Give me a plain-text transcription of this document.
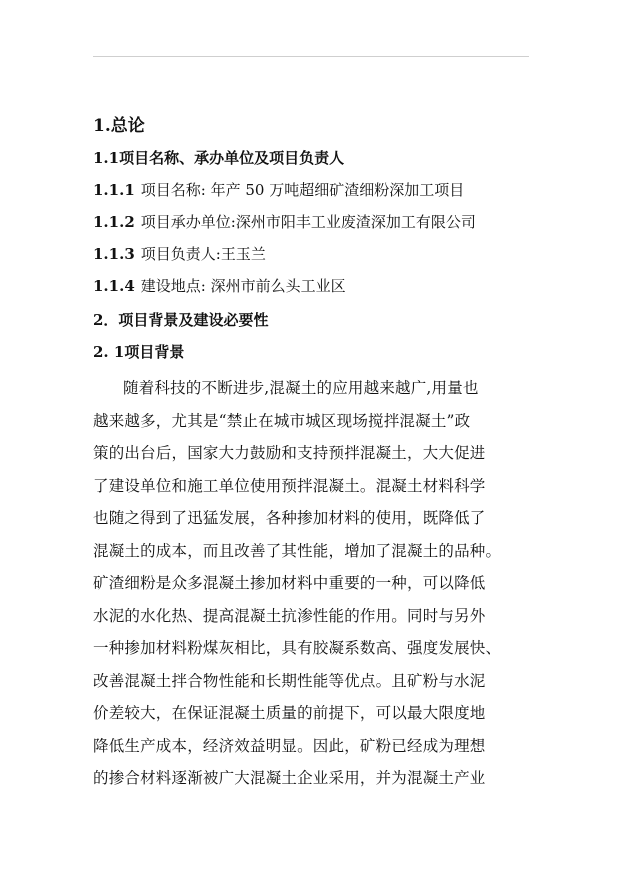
1.总论
1.1项目名称、承办单位及项目负责人
1.1.1 项目名称: 年产 50 万吨超细矿渣细粉深加工项目
1.1.2 项目承办单位:深州市阳丰工业废渣深加工有限公司
1.1.3 项目负责人:王玉兰
1.1.4 建设地点: 深州市前么头工业区
2．项目背景及建设必要性
2. 1项目背景

随着科技的不断进步,混凝土的应用越来越广,用量也

越来越多，尤其是“禁止在城市城区现场搅拌混凝土”政

策的出台后，国家大力鼓励和支持预拌混凝土，大大促进

了建设单位和施工单位使用预拌混凝土。混凝土材料科学

也随之得到了迅猛发展，各种掺加材料的使用，既降低了

混凝土的成本，而且改善了其性能，增加了混凝土的品种。

矿渣细粉是众多混凝土掺加材料中重要的一种，可以降低

水泥的水化热、提高混凝土抗渗性能的作用。同时与另外

一种掺加材料粉煤灰相比，具有胶凝系数高、强度发展快、

改善混凝土拌合物性能和长期性能等优点。且矿粉与水泥

价差较大，在保证混凝土质量的前提下，可以最大限度地

降低生产成本，经济效益明显。因此，矿粉已经成为理想

的掺合材料逐渐被广大混凝土企业采用，并为混凝土产业
